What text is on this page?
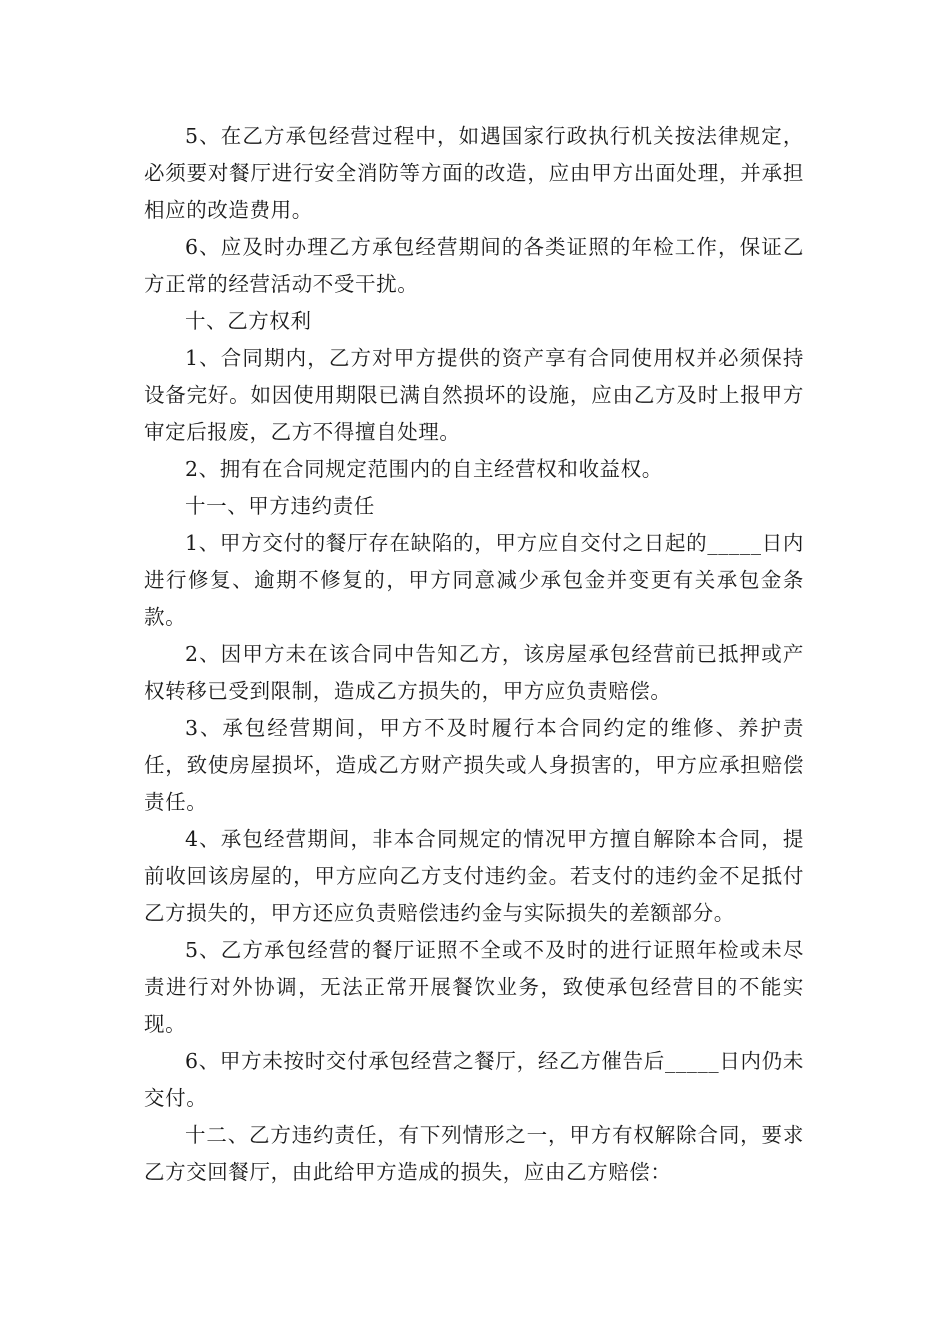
5、在乙方承包经营过程中，如遇国家行政执行机关按法律规定，必须要对餐厅进行安全消防等方面的改造，应由甲方出面处理，并承担相应的改造费用。

6、应及时办理乙方承包经营期间的各类证照的年检工作，保证乙方正常的经营活动不受干扰。

十、乙方权利

1、合同期内，乙方对甲方提供的资产享有合同使用权并必须保持设备完好。如因使用期限已满自然损坏的设施，应由乙方及时上报甲方审定后报废，乙方不得擅自处理。

2、拥有在合同规定范围内的自主经营权和收益权。

十一、甲方违约责任

1、甲方交付的餐厅存在缺陷的，甲方应自交付之日起的_____日内进行修复、逾期不修复的，甲方同意减少承包金并变更有关承包金条款。

2、因甲方未在该合同中告知乙方，该房屋承包经营前已抵押或产权转移已受到限制，造成乙方损失的，甲方应负责赔偿。

3、承包经营期间，甲方不及时履行本合同约定的维修、养护责任，致使房屋损坏，造成乙方财产损失或人身损害的，甲方应承担赔偿责任。

4、承包经营期间，非本合同规定的情况甲方擅自解除本合同，提前收回该房屋的，甲方应向乙方支付违约金。若支付的违约金不足抵付乙方损失的，甲方还应负责赔偿违约金与实际损失的差额部分。

5、乙方承包经营的餐厅证照不全或不及时的进行证照年检或未尽责进行对外协调，无法正常开展餐饮业务，致使承包经营目的不能实现。

6、甲方未按时交付承包经营之餐厅，经乙方催告后_____日内仍未交付。

十二、乙方违约责任，有下列情形之一，甲方有权解除合同，要求乙方交回餐厅，由此给甲方造成的损失，应由乙方赔偿：
